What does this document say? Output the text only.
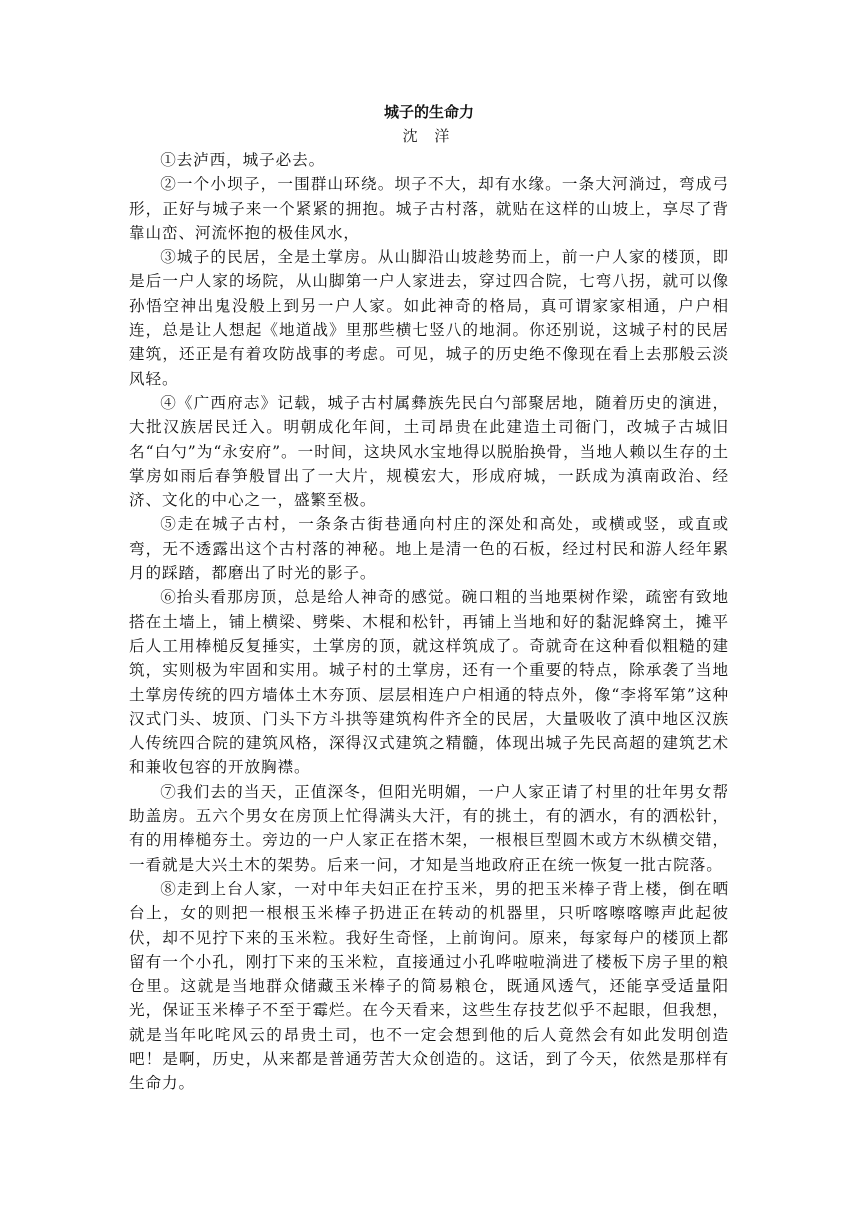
城子的生命力

沈 洋

①去泸西，城子必去。

②一个小坝子，一围群山环绕。坝子不大，却有水缘。一条大河淌过，弯成弓形，正好与城子来一个紧紧的拥抱。城子古村落，就贴在这样的山坡上，享尽了背靠山峦、河流怀抱的极佳风水，

③城子的民居，全是土掌房。从山脚沿山坡趁势而上，前一户人家的楼顶，即是后一户人家的场院，从山脚第一户人家进去，穿过四合院，七弯八拐，就可以像孙悟空神出鬼没般上到另一户人家。如此神奇的格局，真可谓家家相通，户户相连，总是让人想起《地道战》里那些横七竖八的地洞。你还别说，这城子村的民居建筑，还正是有着攻防战事的考虑。可见，城子的历史绝不像现在看上去那般云淡风轻。

④《广西府志》记载，城子古村属彝族先民白勺部聚居地，随着历史的演进，大批汉族居民迁入。明朝成化年间，土司昂贵在此建造土司衙门，改城子古城旧名“白勺”为“永安府”。一时间，这块风水宝地得以脱胎换骨，当地人赖以生存的土掌房如雨后春笋般冒出了一大片，规模宏大，形成府城，一跃成为滇南政治、经济、文化的中心之一，盛繁至极。

⑤走在城子古村，一条条古街巷通向村庄的深处和高处，或横或竖，或直或弯，无不透露出这个古村落的神秘。地上是清一色的石板，经过村民和游人经年累月的踩踏，都磨出了时光的影子。

⑥抬头看那房顶，总是给人神奇的感觉。碗口粗的当地栗树作梁，疏密有致地搭在土墙上，铺上横梁、劈柴、木棍和松针，再铺上当地和好的黏泥蜂窝土，摊平后人工用棒槌反复捶实，土掌房的顶，就这样筑成了。奇就奇在这种看似粗糙的建筑，实则极为牢固和实用。城子村的土掌房，还有一个重要的特点，除承袭了当地土掌房传统的四方墙体土木夯顶、层层相连户户相通的特点外，像“李将军第”这种汉式门头、坡顶、门头下方斗拱等建筑构件齐全的民居，大量吸收了滇中地区汉族人传统四合院的建筑风格，深得汉式建筑之精髓，体现出城子先民高超的建筑艺术和兼收包容的开放胸襟。

⑦我们去的当天，正值深冬，但阳光明媚，一户人家正请了村里的壮年男女帮助盖房。五六个男女在房顶上忙得满头大汗，有的挑土，有的洒水，有的洒松针，有的用棒槌夯土。旁边的一户人家正在搭木架，一根根巨型圆木或方木纵横交错，一看就是大兴土木的架势。后来一问，才知是当地政府正在统一恢复一批古院落。

⑧走到上台人家，一对中年夫妇正在拧玉米，男的把玉米棒子背上楼，倒在晒台上，女的则把一根根玉米棒子扔进正在转动的机器里，只听喀嚓喀嚓声此起彼伏，却不见拧下来的玉米粒。我好生奇怪，上前询问。原来，每家每户的楼顶上都留有一个小孔，刚打下来的玉米粒，直接通过小孔哗啦啦淌进了楼板下房子里的粮仓里。这就是当地群众储藏玉米棒子的简易粮仓，既通风透气，还能享受适量阳光，保证玉米棒子不至于霉烂。在今天看来，这些生存技艺似乎不起眼，但我想，就是当年叱咤风云的昂贵土司，也不一定会想到他的后人竟然会有如此发明创造吧！是啊，历史，从来都是普通劳苦大众创造的。这话，到了今天，依然是那样有生命力。
